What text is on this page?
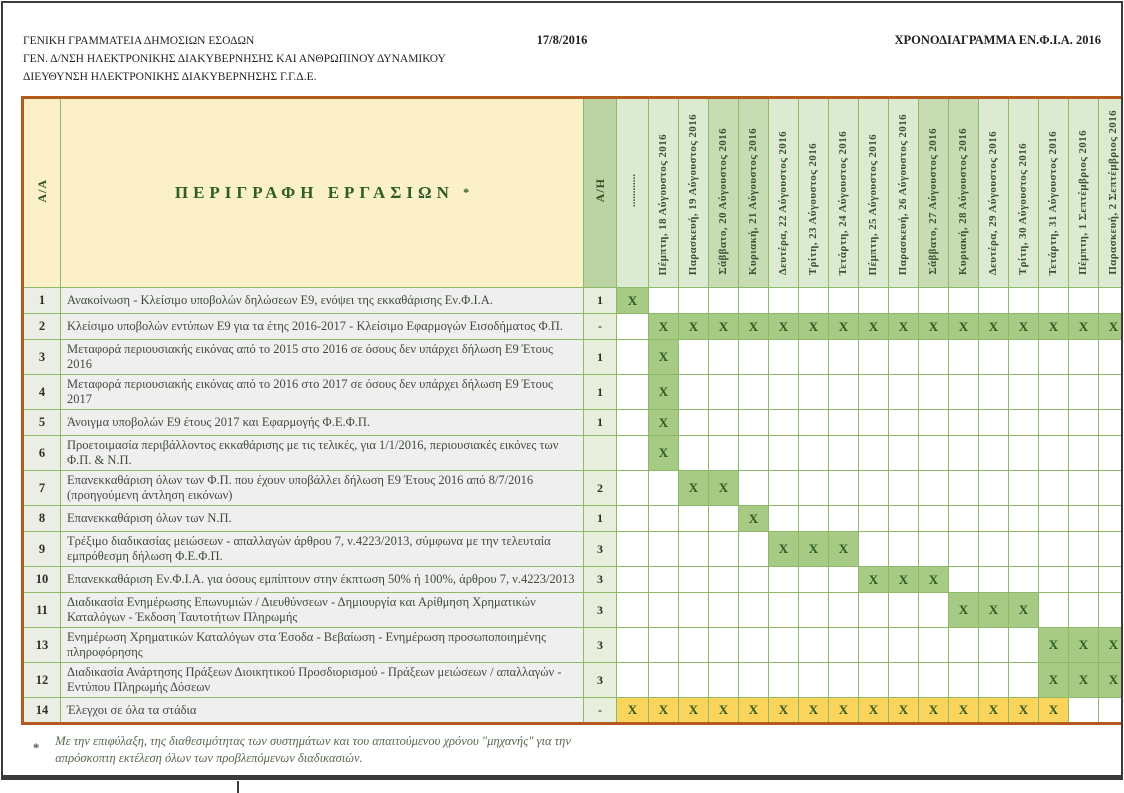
ΓΕΝΙΚΗ ΓΡΑΜΜΑΤΕΙΑ ΔΗΜΟΣΙΩΝ ΕΣΟΔΩΝ
ΓΕΝ. Δ/ΝΣΗ ΗΛΕΚΤΡΟΝΙΚΗΣ ΔΙΑΚΥΒΕΡΝΗΣΗΣ ΚΑΙ ΑΝΘΡΩΠΙΝΟΥ ΔΥΝΑΜΙΚΟΥ
ΔΙΕΥΘΥΝΣΗ ΗΛΕΚΤΡΟΝΙΚΗΣ ΔΙΑΚΥΒΕΡΝΗΣΗΣ Γ.Γ.Δ.Ε.
17/8/2016	ΧΡΟΝΟΔΙΑΓΡΑΜΜΑ ΕΝ.Φ.Ι.Α. 2016
Α/Α	ΠΕΡΙΓΡΑΦΗ ΕΡΓΑΣΙΩΝ *	Α/Η	............	Πέμπτη, 18 Αύγουστος 2016	Παρασκευή, 19 Αύγουστος 2016	Σάββατο, 20 Αύγουστος 2016	Κυριακή, 21 Αύγουστος 2016	Δευτέρα, 22 Αύγουστος 2016	Τρίτη, 23 Αύγουστος 2016	Τετάρτη, 24 Αύγουστος 2016	Πέμπτη, 25 Αύγουστος 2016	Παρασκευή, 26 Αύγουστος 2016	Σάββατο, 27 Αύγουστος 2016	Κυριακή, 28 Αύγουστος 2016	Δευτέρα, 29 Αύγουστος 2016	Τρίτη, 30 Αύγουστος 2016	Τετάρτη, 31 Αύγουστος 2016	Πέμπτη, 1 Σεπτέμβριος 2016	Παρασκευή, 2 Σεπτέμβριος 2016
1	Ανακοίνωση - Κλείσιμο υποβολών δηλώσεων Ε9, ενόψει της εκκαθάρισης Εν.Φ.Ι.Α.	1	X																
2	Κλείσιμο υποβολών εντύπων Ε9 για τα έτης 2016-2017 - Κλείσιμο Εφαρμογών Εισοδήματος Φ.Π.	-		X	X	X	X	X	X	X	X	X	X	X	X	X	X	X	X
3	Μεταφορά περιουσιακής εικόνας από το 2015 στο 2016 σε όσους δεν υπάρχει δήλωση Ε9 Έτους 2016	1		X															
4	Μεταφορά περιουσιακής εικόνας από το 2016 στο 2017 σε όσους δεν υπάρχει δήλωση Ε9 Έτους 2017	1		X															
5	Άνοιγμα υποβολών Ε9 έτους 2017 και Εφαρμογής Φ.Ε.Φ.Π.	1		X															
6	Προετοιμασία περιβάλλοντος εκκαθάρισης με τις τελικές, για 1/1/2016, περιουσιακές εικόνες των Φ.Π. & Ν.Π.			X															
7	Επανεκκαθάριση όλων των Φ.Π. που έχουν υποβάλλει δήλωση Ε9 Έτους 2016 από 8/7/2016 (προηγούμενη άντληση εικόνων)	2			X	X													
8	Επανεκκαθάριση όλων των Ν.Π.	1					X												
9	Τρέξιμο διαδικασίας μειώσεων - απαλλαγών άρθρου 7, ν.4223/2013, σύμφωνα με την τελευταία εμπρόθεσμη δήλωση Φ.Ε.Φ.Π.	3						X	X	X									
10	Επανεκκαθάριση Εν.Φ.Ι.Α. για όσους εμπίπτουν στην έκπτωση 50% ή 100%, άρθρου 7, ν.4223/2013	3									X	X	X						
11	Διαδικασία Ενημέρωσης Επωνυμιών / Διευθύνσεων - Δημιουργία και Αρίθμηση Χρηματικών Καταλόγων - Έκδοση Ταυτοτήτων Πληρωμής	3												X	X	X			
13	Ενημέρωση Χρηματικών Καταλόγων στα Έσοδα - Βεβαίωση - Ενημέρωση προσωποποιημένης πληροφόρησης	3															X	X	X
12	Διαδικασία Ανάρτησης Πράξεων Διοικητικού Προσδιορισμού - Πράξεων μειώσεων / απαλλαγών - Εντύπου Πληρωμής Δόσεων	3															X	X	X
14	Έλεγχοι σε όλα τα στάδια	-	X	X	X	X	X	X	X	X	X	X	X	X	X	X	X		
* Με την επιφύλαξη, της διαθεσιμότητας των συστημάτων και του απαιτούμενου χρόνου "μηχανής" για την απρόσκοπτη εκτέλεση όλων των προβλεπόμενων διαδικασιών.
